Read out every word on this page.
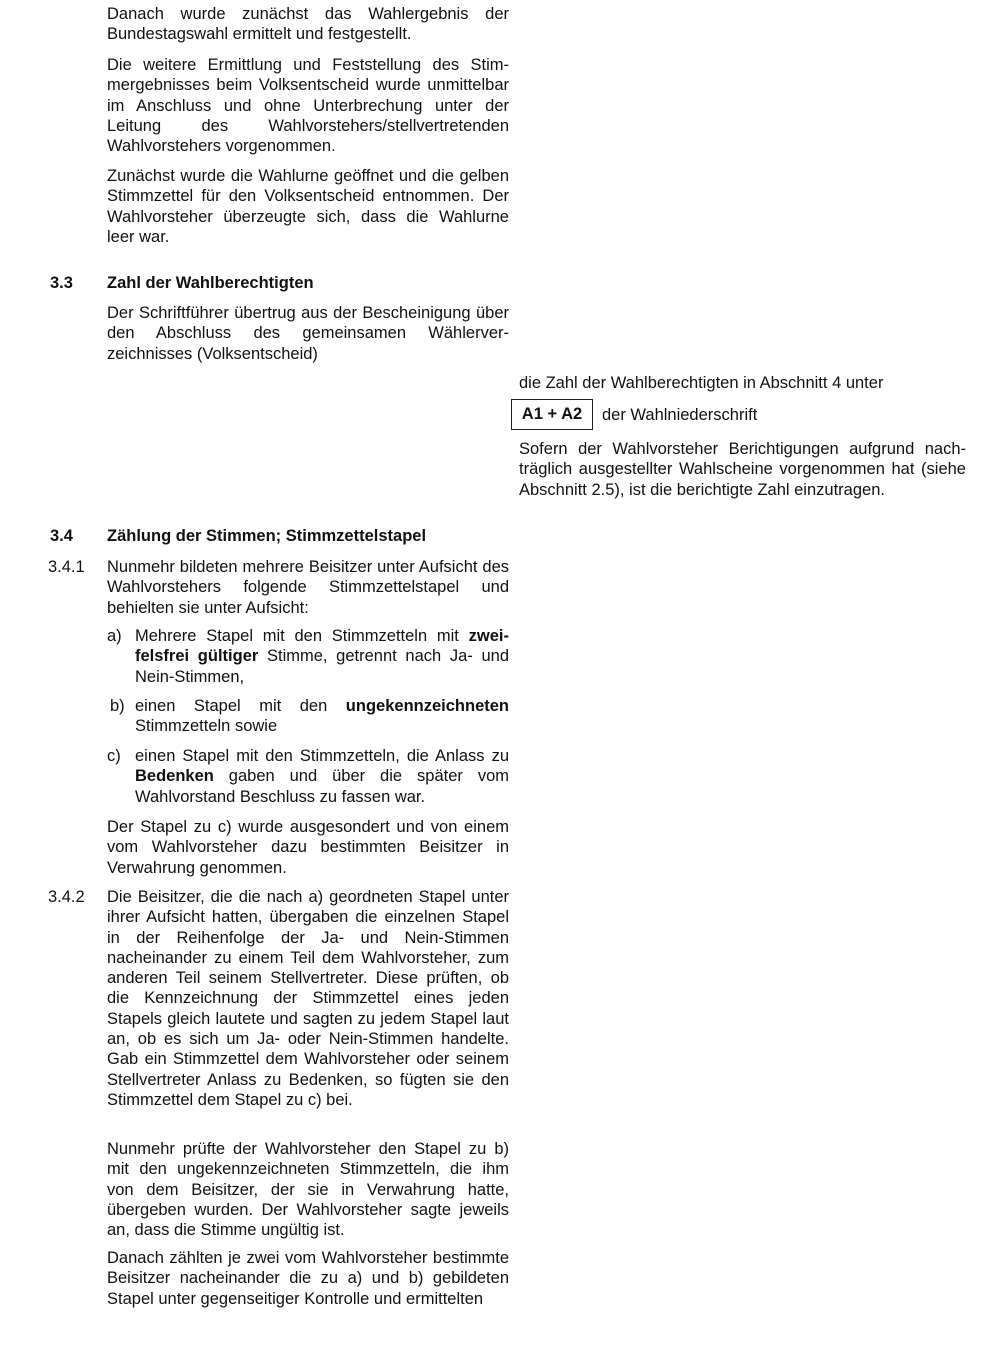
Danach wurde zunächst das Wahlergebnis der Bundestagswahl ermittelt und festgestellt.

Die weitere Ermittlung und Feststellung des Stimmergebnisses beim Volksentscheid wurde unmittelbar im Anschluss und ohne Unterbrechung unter der Leitung des Wahlvorstehers/stellvertretenden Wahlvorstehers vorgenommen.

Zunächst wurde die Wahlurne geöffnet und die gelben Stimmzettel für den Volksentscheid entnommen. Der Wahlvorsteher überzeugte sich, dass die Wahlurne leer war.

3.3 Zahl der Wahlberechtigten

Der Schriftführer übertrug aus der Bescheinigung über den Abschluss des gemeinsamen Wählerverzeichnisses (Volksentscheid)

die Zahl der Wahlberechtigten in Abschnitt 4 unter

A1 + A2	der Wahlniederschrift

Sofern der Wahlvorsteher Berichtigungen aufgrund nachträglich ausgestellter Wahlscheine vorgenommen hat (siehe Abschnitt 2.5), ist die berichtigte Zahl einzutragen.

3.4 Zählung der Stimmen; Stimmzettelstapel
3.4.1 Nunmehr bildeten mehrere Beisitzer unter Aufsicht des Wahlvorstehers folgende Stimmzettelstapel und behielten sie unter Aufsicht:

a) Mehrere Stapel mit den Stimmzetteln mit zweifelsfrei gültiger Stimme, getrennt nach Ja- und Nein-Stimmen,

b) einen Stapel mit den ungekennzeichneten Stimmzetteln sowie

c) einen Stapel mit den Stimmzetteln, die Anlass zu Bedenken gaben und über die später vom Wahlvorstand Beschluss zu fassen war.

Der Stapel zu c) wurde ausgesondert und von einem vom Wahlvorsteher dazu bestimmten Beisitzer in Verwahrung genommen.

3.4.2 Die Beisitzer, die die nach a) geordneten Stapel unter ihrer Aufsicht hatten, übergaben die einzelnen Stapel in der Reihenfolge der Ja- und Nein-Stimmen nacheinander zu einem Teil dem Wahlvorsteher, zum anderen Teil seinem Stellvertreter. Diese prüften, ob die Kennzeichnung der Stimmzettel eines jeden Stapels gleich lautete und sagten zu jedem Stapel laut an, ob es sich um Ja- oder Nein-Stimmen handelte. Gab ein Stimmzettel dem Wahlvorsteher oder seinem Stellvertreter Anlass zu Bedenken, so fügten sie den Stimmzettel dem Stapel zu c) bei.

Nunmehr prüfte der Wahlvorsteher den Stapel zu b) mit den ungekennzeichneten Stimmzetteln, die ihm von dem Beisitzer, der sie in Verwahrung hatte, übergeben wurden. Der Wahlvorsteher sagte jeweils an, dass die Stimme ungültig ist.

Danach zählten je zwei vom Wahlvorsteher bestimmte Beisitzer nacheinander die zu a) und b) gebildeten Stapel unter gegenseitiger Kontrolle und ermittelten
